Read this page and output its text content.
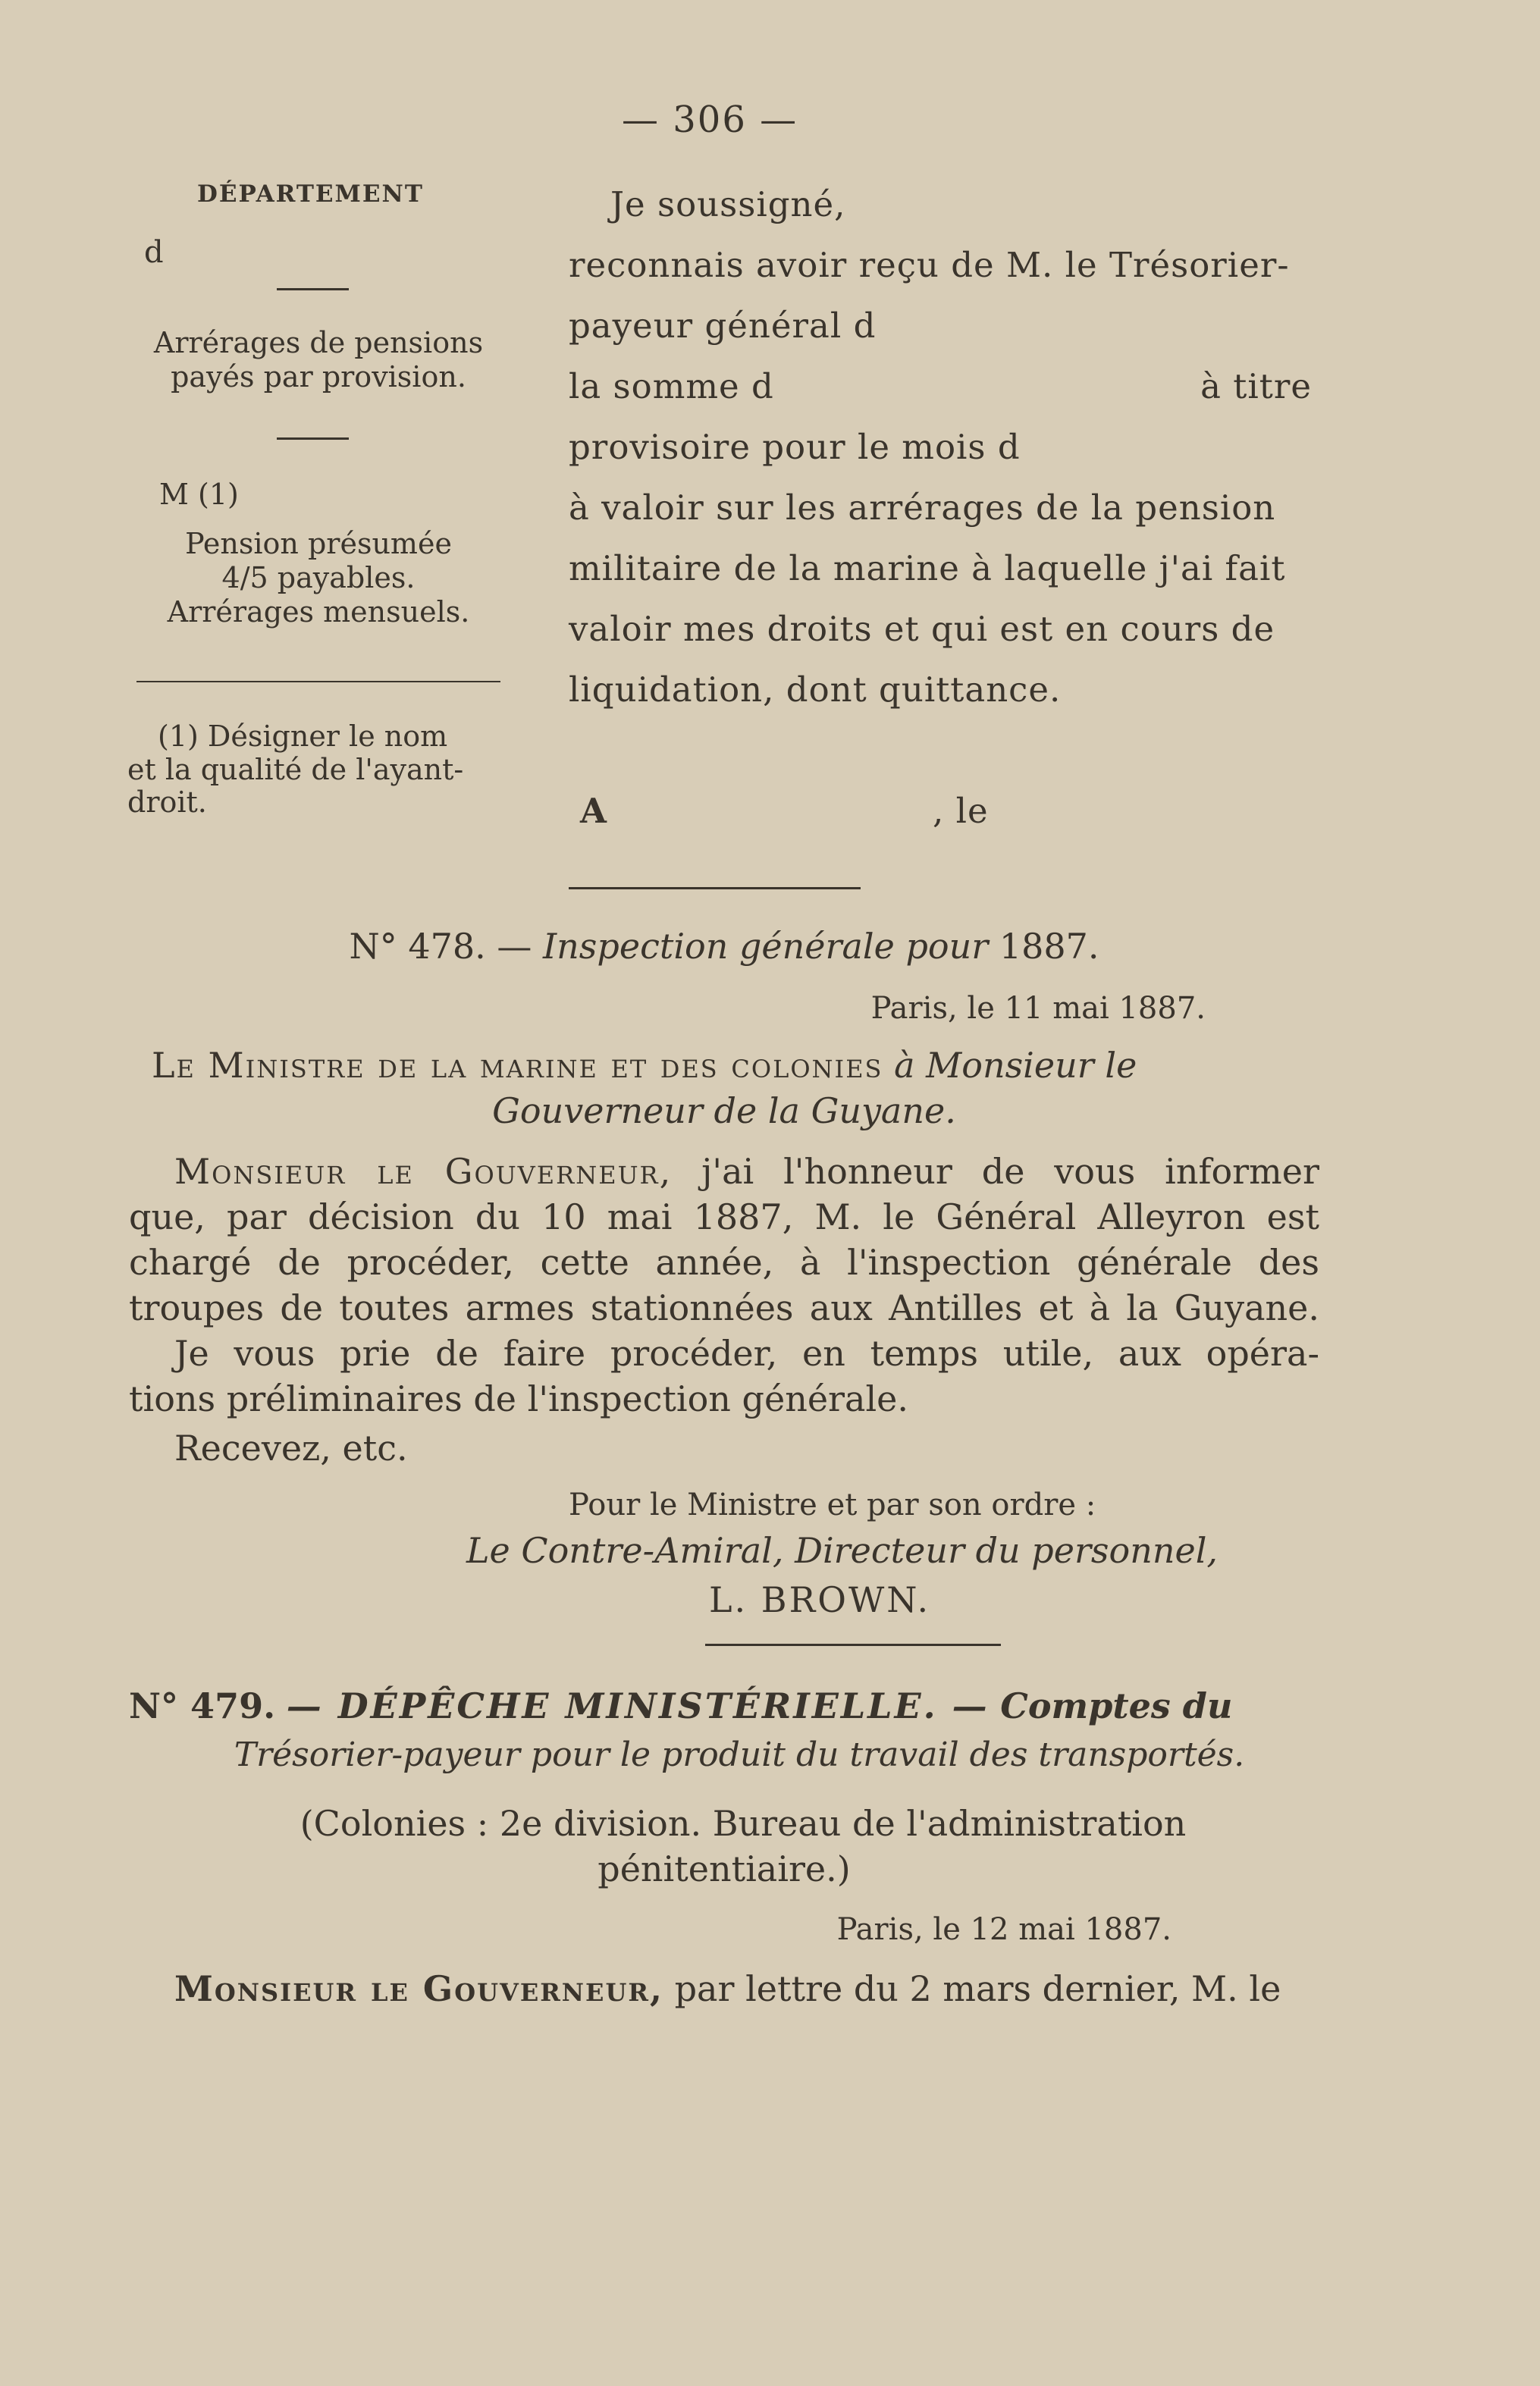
— 306 —
DÉPARTEMENT
d
Arrérages de pensions
payés par provision.
M (1)
Pension présumée
4/5 payables.
Arrérages mensuels.
(1) Désigner le nom
et la qualité de l'ayant-
droit.
Je soussigné,
reconnais avoir reçu de M. le Trésorier-
payeur général d
la somme d	à titre
provisoire pour le mois d
à valoir sur les arrérages de la pension
militaire de la marine à laquelle j'ai fait
valoir mes droits et qui est en cours de
liquidation, dont quittance.
A	, le
N° 478. — Inspection générale pour 1887.
Paris, le 11 mai 1887.
Le Ministre de la marine et des colonies à Monsieur le
Gouverneur de la Guyane.
Monsieur le Gouverneur, j'ai l'honneur de vous informer
que, par décision du 10 mai 1887, M. le Général Alleyron est
chargé de procéder, cette année, à l'inspection générale des
troupes de toutes armes stationnées aux Antilles et à la Guyane.
Je vous prie de faire procéder, en temps utile, aux opéra-
tions préliminaires de l'inspection générale.
Recevez, etc.
Pour le Ministre et par son ordre :
Le Contre-Amiral, Directeur du personnel,
L. BROWN.
N° 479. — DÉPÊCHE MINISTÉRIELLE. — Comptes du
Trésorier-payeur pour le produit du travail des transportés.
(Colonies : 2e division. Bureau de l'administration
pénitentiaire.)
Paris, le 12 mai 1887.
Monsieur le Gouverneur, par lettre du 2 mars dernier, M. le
